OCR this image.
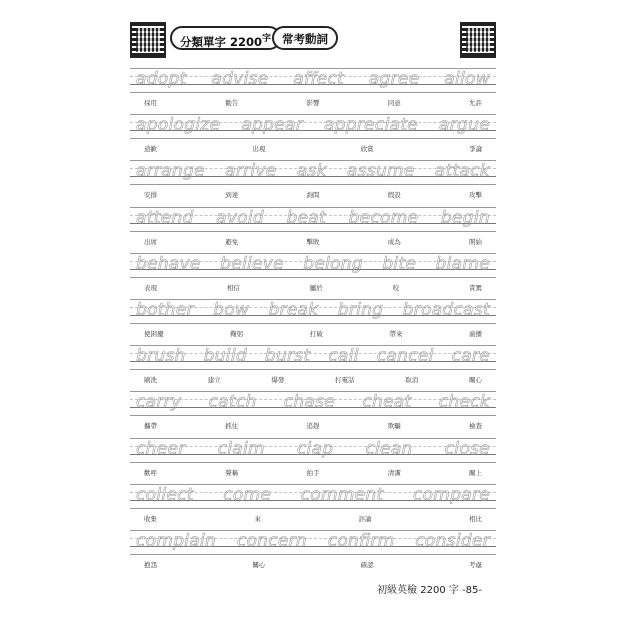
分類單字 $2200^字$ 常考動詞
adopt advise affect agree allow
採用	勸告	影響	同意	允許
apologize appear appreciate argue
道歉	出現	欣賞	爭論
arrange arrive ask assume attack
安排	到達	詢問	假設	攻擊
attend avoid beat become begin
出席	避免	擊敗	成為	開始
behave believe belong bite blame
表現	相信	屬於	咬	責罵
bother bow break bring broadcast
使困擾	鞠躬	打破	帶來	廣播
brush build burst call cancel care
刷洗	建立	爆發	打電話	取消	關心
carry catch chase cheat check
攜帶	抓住	追趕	欺騙	檢查
cheer claim clap clean close
歡呼	聲稱	拍手	清潔	關上
collect come comment compare
收集	來	評論	相比
complain concern confirm consider
抱怨	關心	確認	考慮
初級英檢 2200 字 -85-
